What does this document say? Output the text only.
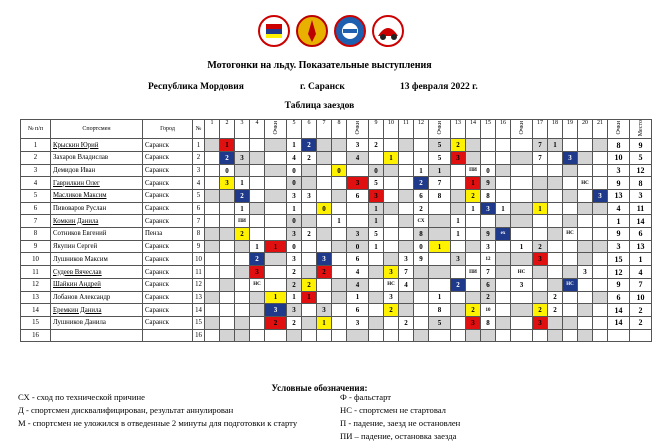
Мотогонки на льду. Показательные выступления
Республика Мордовия	г. Саранск	13 февраля 2022 г.
Таблица заездов
№ п/п	Спортсмен	Город	№																											
				1	2	3	4	Очки	5	6	7	8	Очки	9	10	11	12	Очки	13	14	15	16	Очки	17	18	19	20	21	Очки	Место
1	Крыскин Юрий	Саранск	1		1				1	2			3	2				5	2					7	1				8	9
2	Захаров Владислав	Саранск	2		2	3			4	2			4		1			5	3					7		3			10	5
3	Демидов Иван	Саранск	3		0				0			0		0			1	1		ПИ	0								3	12
4	Гаврилкин Олег	Саранск	4		3	1			0				3	5			2	7		1	9						НС		9	8
5	Масликов Максим	Саранск	5			2			3	3			6	3			6	8		2	8							3	13	3
6	Пивоваров Руслан	Саранск	6			1			1		0			1			2			1	3	1		1					4	11
7	Комкин Данила	Саранск	7			ПИ			0			1		1			СХ		1										1	14
8	Сотников Евгений	Пенза	8			2			3	2			3	5			8		1		9	ex				НС			9	6
9	Якупин Сергей	Саранск	9				1	1	0				0	1			0	1			3		1	2					3	13
10	Лушников Максим	Саранск	10				2		3		3		6			3	9		3		12			3					15	1
11	Судеев Вячеслав	Саранск	11				3		2		2		4		3	7				ПИ	7		НС				3		12	4
12	Шайкин Андрей	Саранск	12				НС		2	2			4		НС	4			2		6		3			НС			9	7
13	Лобанов Александр	Саранск	13					1	1	1			1		3			1			2				2				6	10
14	Еремкин Данила	Саранск	14					3	3		3		6		2			8		2	10			2	2				14	2
15	Лушников Данила	Саранск	15					2	2		1		3			2		5		3	8			3					14	2
16			16																											
Условные обозначения:
СХ - сход по технической причине
Д - спортсмен дисквалифицирован, результат аннулирован
М - спортсмен не уложился в отведенные 2 минуты для подготовки к старту
Ф - фальстарт
НС - спортсмен не стартовал
П - падение, заезд не остановлен
ПИ – падение, остановка заезда
